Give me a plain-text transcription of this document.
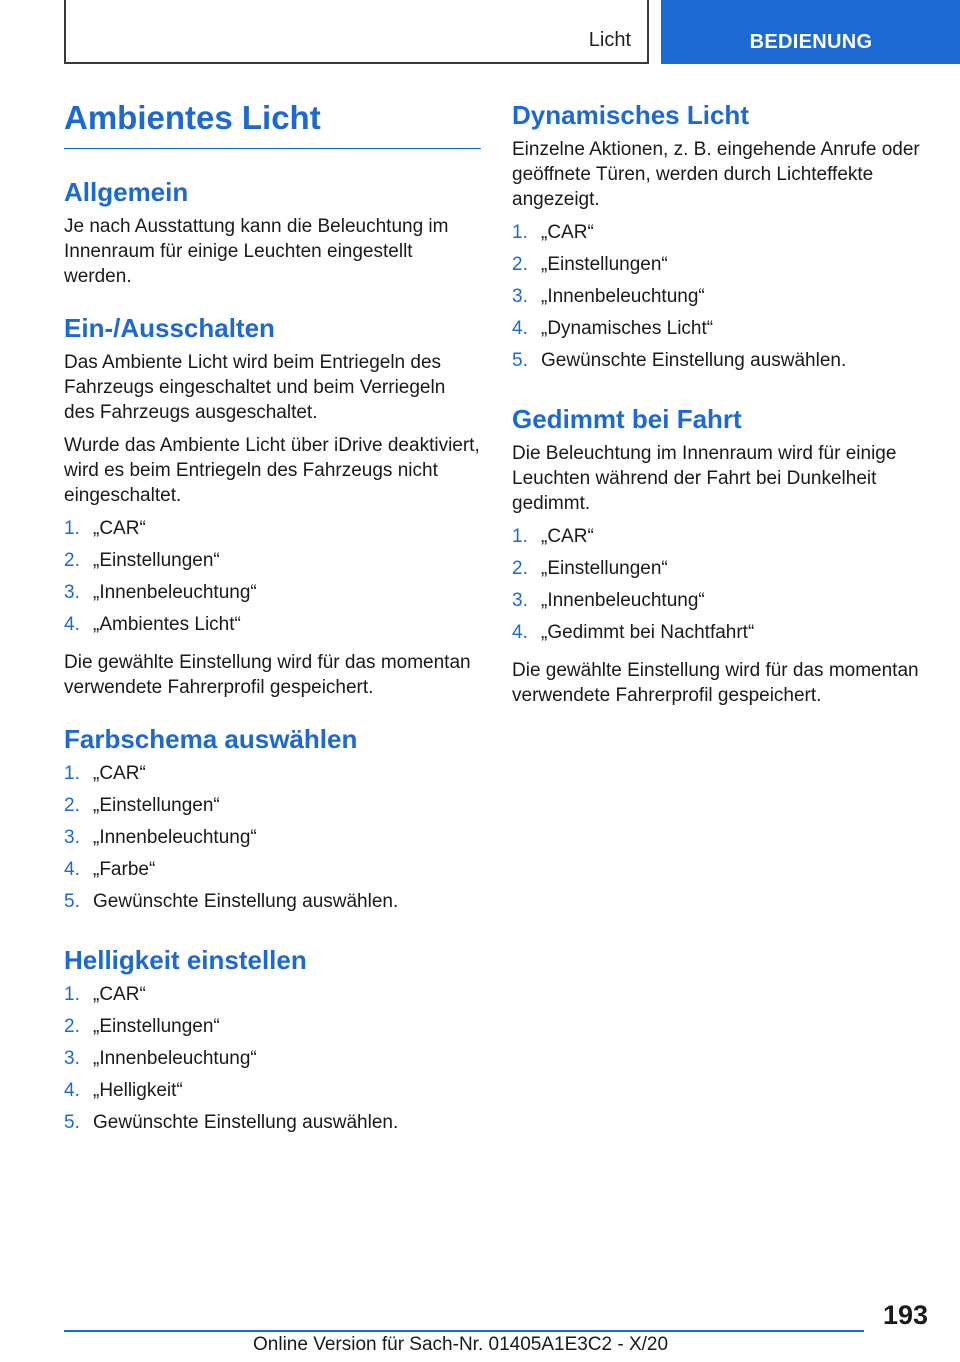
Licht	BEDIENUNG
Ambientes Licht
Allgemein

Je nach Ausstattung kann die Beleuchtung im Innenraum für einige Leuchten eingestellt werden.

Ein-/Ausschalten

Das Ambiente Licht wird beim Entriegeln des Fahrzeugs eingeschaltet und beim Verriegeln des Fahrzeugs ausgeschaltet.

Wurde das Ambiente Licht über iDrive deaktiviert, wird es beim Entriegeln des Fahrzeugs nicht eingeschaltet.

1. „CAR“
2. „Einstellungen“
3. „Innenbeleuchtung“
4. „Ambientes Licht“

Die gewählte Einstellung wird für das momentan verwendete Fahrerprofil gespeichert.

Farbschema auswählen
1. „CAR“
2. „Einstellungen“
3. „Innenbeleuchtung“
4. „Farbe“
5. Gewünschte Einstellung auswählen.
Helligkeit einstellen
1. „CAR“
2. „Einstellungen“
3. „Innenbeleuchtung“
4. „Helligkeit“
5. Gewünschte Einstellung auswählen.
Dynamisches Licht

Einzelne Aktionen, z. B. eingehende Anrufe oder geöffnete Türen, werden durch Lichteffekte angezeigt.

1. „CAR“
2. „Einstellungen“
3. „Innenbeleuchtung“
4. „Dynamisches Licht“
5. Gewünschte Einstellung auswählen.
Gedimmt bei Fahrt

Die Beleuchtung im Innenraum wird für einige Leuchten während der Fahrt bei Dunkelheit gedimmt.

1. „CAR“
2. „Einstellungen“
3. „Innenbeleuchtung“
4. „Gedimmt bei Nachtfahrt“

Die gewählte Einstellung wird für das momentan verwendete Fahrerprofil gespeichert.

193
Online Version für Sach-Nr. 01405A1E3C2 - X/20
